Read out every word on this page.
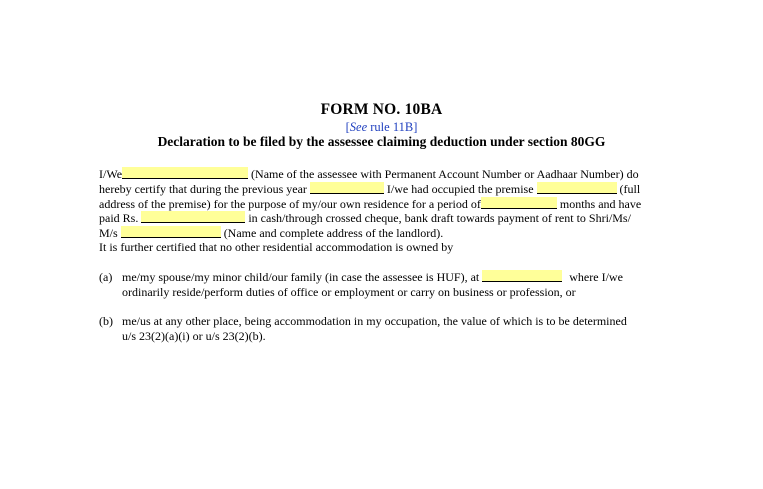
FORM NO. 10BA
[See rule 11B]
Declaration to be filed by the assessee claiming deduction under section 80GG
I/We	(Name of the assessee with Permanent Account Number or Aadhaar Number) do
hereby certify that during the previous year	I/we had occupied the premise	(full
address of the premise) for the purpose of my/our own residence for a period of	months and have
paid Rs.	in cash/through crossed cheque, bank draft towards payment of rent to Shri/Ms/
M/s	(Name and complete address of the landlord).
It is further certified that no other residential accommodation is owned by
(a) me/my spouse/my minor child/our family (in case the assessee is HUF), at	where I/we
ordinarily reside/perform duties of office or employment or carry on business or profession, or
(b) me/us at any other place, being accommodation in my occupation, the value of which is to be determined
u/s 23(2)(a)(i) or u/s 23(2)(b).
